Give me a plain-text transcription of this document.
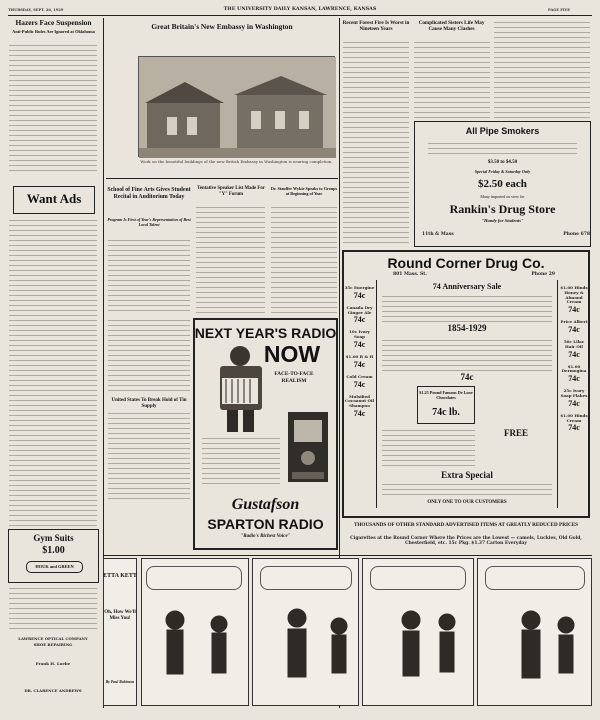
THURSDAY, SEPT. 26, 1929	THE UNIVERSITY DAILY KANSAN, LAWRENCE, KANSAS	PAGE FIVE
Hazers Face Suspension
Anti-Public Rules Are Ignored at Oklahoma
Want Ads
Gym Suits
$1.00
HOUK and GREEN
LAWRENCE OPTICAL COMPANY
SHOE REPAIRING
Frank H. Loebe
DR. CLARENCE ANDREWS
Great Britain's New Embassy in Washington
Work on the beautiful buildings of the new British Embassy in Washington is nearing completion.
School of Fine Arts Gives Student Recital in Auditorium Today
Program Is First of Year's Representation of Best Local Talent
Tentative Speaker List Made For "Y" Forum
Dr. Stauffer Wykie Speaks to Groups at Beginning of Year
United States To Break Hold of Tin Supply
NEXT YEAR'S RADIO
NOW
FACE-TO-FACE REALISM
Gustafson
SPARTON RADIO
"Radio's Richest Voice"
Recent Forest Fire Is Worst in Nineteen Years
Complicated Sisters Life May Cause Many Clashes
All Pipe Smokers
$3.50 to $4.50
Special Friday & Saturday Only
$2.50 each
Many imported on view for
Rankin's Drug Store
"Handy for Students"
11th & Mass	Phone 678
Round Corner Drug Co.
801 Mass. St.	Phone 29
74 Anniversary Sale
1854-1929
74c
$1.25 Pound Famous De Luxe Chocolates
74c lb.
FREE
Extra Special
ONLY ONE TO OUR CUSTOMERS
35c Energine
74c
Canada Dry Ginger Ale
74c
10c Ivory Soap
74c
$1.00 B & H
74c
Cold Cream
74c
Mulsified Cocoanut Oil Shampoo
74c
$1.00 Hinds Honey & Almond Cream
74c
Price Albert
74c
50c Lilac Hair Oil
74c
$1.00 Dermogina
74c
25c Ivory Soap Flakes
74c
$1.00 Hinds Cream
74c
THOUSANDS OF OTHER STANDARD ADVERTISED ITEMS AT GREATLY REDUCED PRICES
Cigarettes at the Round Corner Where the Prices are the Lowest — camels, Luckies, Old Gold, Chesterfield, etc. 15c Pkg. $1.37 Carton Everyday
ETTA KETT
Oh, How We'll Miss You!
By Paul Robinson
